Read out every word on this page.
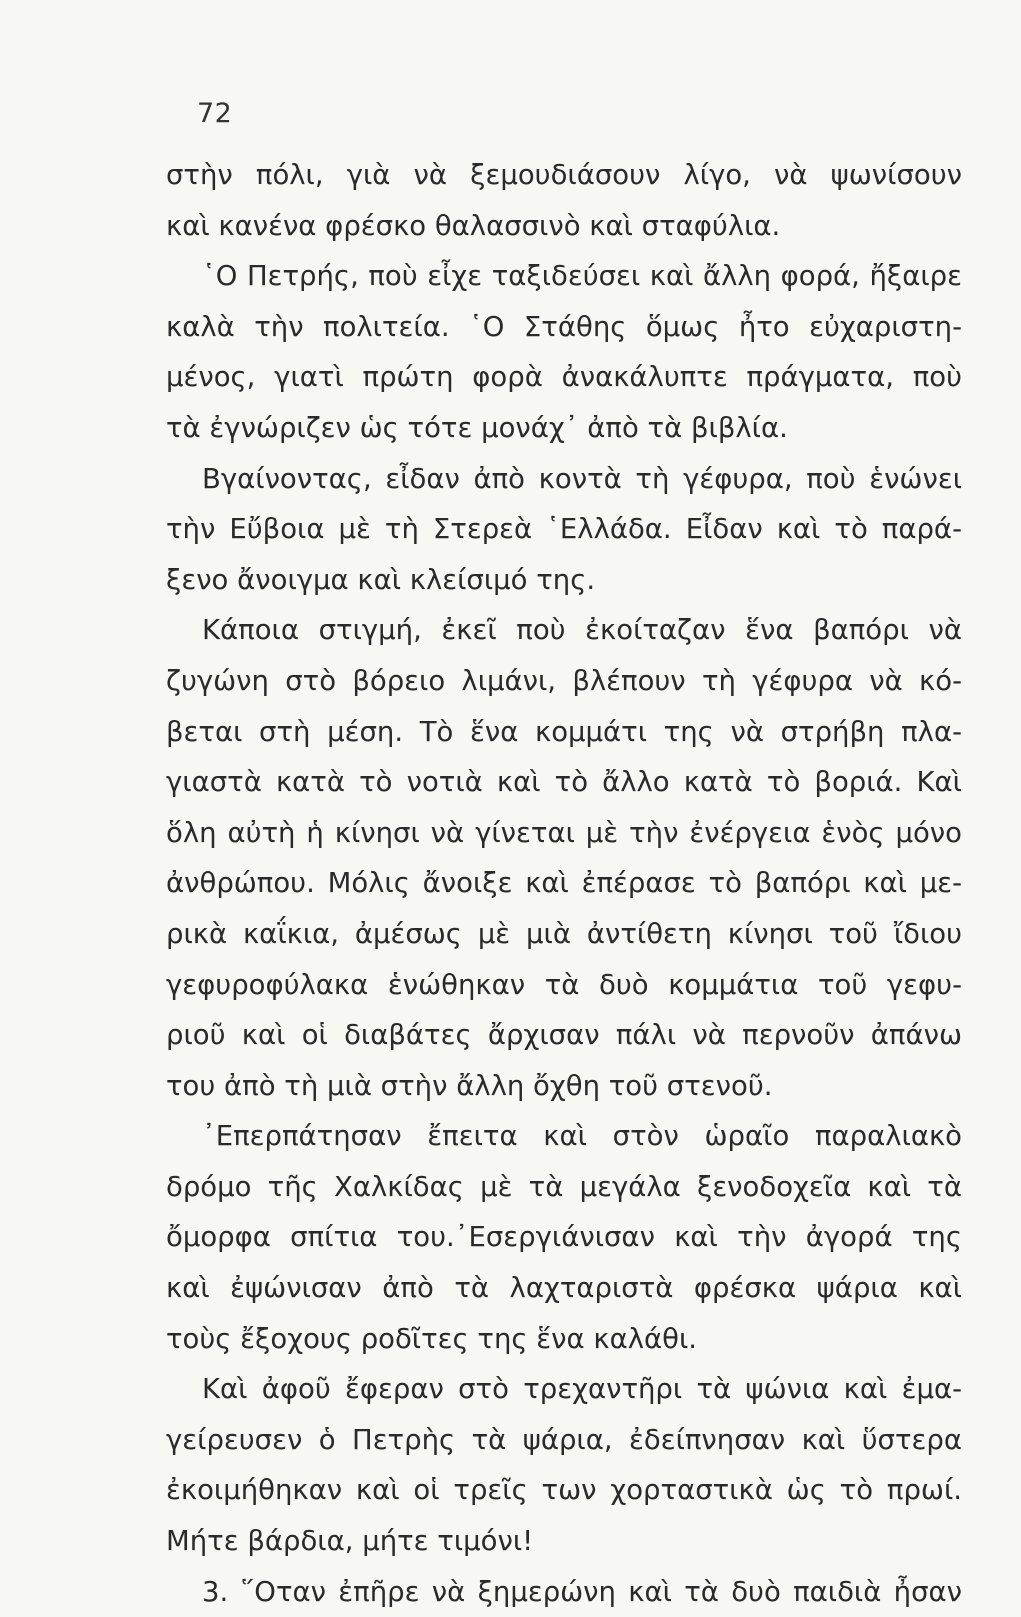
72
στὴν πόλι, γιὰ νὰ ξεμουδιάσουν λίγο, νὰ ψωνίσουν
καὶ κανένα φρέσκο θαλασσινὸ καὶ σταφύλια.
῾Ο Πετρής, ποὺ εἶχε ταξιδεύσει καὶ ἄλλη φορά, ἤξαιρε
καλὰ τὴν πολιτεία. ῾Ο Στάθης ὅμως ἦτο εὐχαριστη-
μένος, γιατὶ πρώτη φορὰ ἀνακάλυπτε πράγματα, ποὺ
τὰ ἐγνώριζεν ὡς τότε μονάχ᾽ ἀπὸ τὰ βιβλία.
Βγαίνοντας, εἶδαν ἀπὸ κοντὰ τὴ γέφυρα, ποὺ ἑνώνει
τὴν Εὔβοια μὲ τὴ Στερεὰ ῾Ελλάδα. Εἶδαν καὶ τὸ παρά-
ξενο ἄνοιγμα καὶ κλείσιμό της.
Κάποια στιγμή, ἐκεῖ ποὺ ἐκοίταζαν ἕνα βαπόρι νὰ
ζυγώνη στὸ βόρειο λιμάνι, βλέπουν τὴ γέφυρα νὰ κό-
βεται στὴ μέση. Τὸ ἕνα κομμάτι της νὰ στρήβη πλα-
γιαστὰ κατὰ τὸ νοτιὰ καὶ τὸ ἄλλο κατὰ τὸ βοριά. Καὶ
ὅλη αὐτὴ ἡ κίνησι νὰ γίνεται μὲ τὴν ἐνέργεια ἑνὸς μόνο
ἀνθρώπου. Μόλις ἄνοιξε καὶ ἐπέρασε τὸ βαπόρι καὶ με-
ρικὰ καΐκια, ἀμέσως μὲ μιὰ ἀντίθετη κίνησι τοῦ ἴδιου
γεφυροφύλακα ἑνώθηκαν τὰ δυὸ κομμάτια τοῦ γεφυ-
ριοῦ καὶ οἱ διαβάτες ἄρχισαν πάλι νὰ περνοῦν ἀπάνω
του ἀπὸ τὴ μιὰ στὴν ἄλλη ὄχθη τοῦ στενοῦ.
᾿Επερπάτησαν ἔπειτα καὶ στὸν ὡραῖο παραλιακὸ
δρόμο τῆς Χαλκίδας μὲ τὰ μεγάλα ξενοδοχεῖα καὶ τὰ
ὄμορφα σπίτια του.᾿Εσεργιάνισαν καὶ τὴν ἀγορά της
καὶ ἐψώνισαν ἀπὸ τὰ λαχταριστὰ φρέσκα ψάρια καὶ
τοὺς ἔξοχους ροδῖτες της ἕνα καλάθι.
Καὶ ἀφοῦ ἔφεραν στὸ τρεχαντῆρι τὰ ψώνια καὶ ἐμα-
γείρευσεν ὁ Πετρὴς τὰ ψάρια, ἐδείπνησαν καὶ ὕστερα
ἐκοιμήθηκαν καὶ οἱ τρεῖς των χορταστικὰ ὡς τὸ πρωί.
Μήτε βάρδια, μήτε τιμόνι!
3. ῞Οταν ἐπῆρε νὰ ξημερώνη καὶ τὰ δυὸ παιδιὰ ἦσαν
